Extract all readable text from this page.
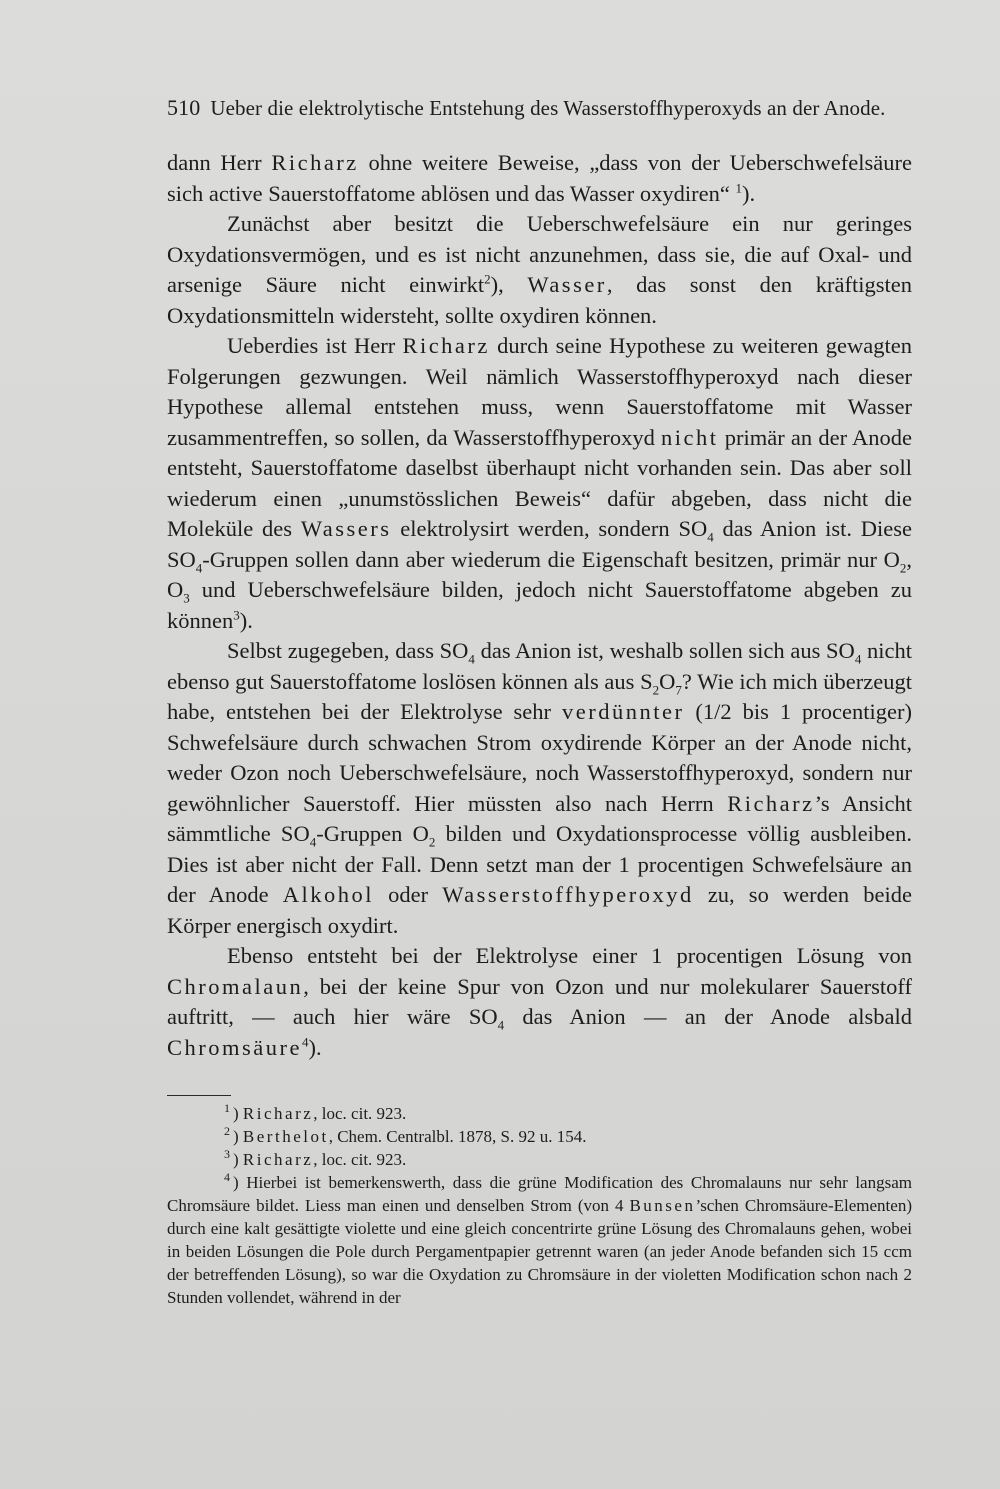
510 Ueber die elektrolytische Entstehung des Wasserstoffhyperoxyds an der Anode.

dann Herr Richarz ohne weitere Beweise, „dass von der Ueberschwefelsäure sich active Sauerstoffatome ablösen und das Wasser oxydiren“ $^1$).

Zunächst aber besitzt die Ueberschwefelsäure ein nur geringes Oxydationsvermögen, und es ist nicht anzunehmen, dass sie, die auf Oxal- und arsenige Säure nicht einwirkt$^2$), Wasser, das sonst den kräftigsten Oxydationsmitteln widersteht, sollte oxydiren können.

Ueberdies ist Herr Richarz durch seine Hypothese zu weiteren gewagten Folgerungen gezwungen. Weil nämlich Wasserstoffhyperoxyd nach dieser Hypothese allemal entstehen muss, wenn Sauerstoffatome mit Wasser zusammentreffen, so sollen, da Wasserstoffhyperoxyd nicht primär an der Anode entsteht, Sauerstoffatome daselbst überhaupt nicht vorhanden sein. Das aber soll wiederum einen „unumstösslichen Beweis“ dafür abgeben, dass nicht die Moleküle des Wassers elektrolysirt werden, sondern $SO_4$ das Anion ist. Diese $SO_4$-Gruppen sollen dann aber wiederum die Eigenschaft besitzen, primär nur $O_2$, $O_3$ und Ueberschwefelsäure bilden, jedoch nicht Sauerstoffatome abgeben zu können$^3$).

Selbst zugegeben, dass $SO_4$ das Anion ist, weshalb sollen sich aus $SO_4$ nicht ebenso gut Sauerstoffatome loslösen können als aus $S_2O_7$? Wie ich mich überzeugt habe, entstehen bei der Elektrolyse sehr verdünnter (1/2 bis 1 procentiger) Schwefelsäure durch schwachen Strom oxydirende Körper an der Anode nicht, weder Ozon noch Ueberschwefelsäure, noch Wasserstoffhyperoxyd, sondern nur gewöhnlicher Sauerstoff. Hier müssten also nach Herrn Richarz’s Ansicht sämmtliche $SO_4$-Gruppen $O_2$ bilden und Oxydationsprocesse völlig ausbleiben. Dies ist aber nicht der Fall. Denn setzt man der 1 procentigen Schwefelsäure an der Anode Alkohol oder Wasserstoffhyperoxyd zu, so werden beide Körper energisch oxydirt.

Ebenso entsteht bei der Elektrolyse einer 1 procentigen Lösung von Chromalaun, bei der keine Spur von Ozon und nur molekularer Sauerstoff auftritt, — auch hier wäre $SO_4$ das Anion — an der Anode alsbald Chromsäure$^4$).

$^1$ ) Richarz, loc. cit. 923.

$^2$ ) Berthelot, Chem. Centralbl. 1878, S. 92 u. 154.

$^3$ ) Richarz, loc. cit. 923.

$^4$ ) Hierbei ist bemerkenswerth, dass die grüne Modification des Chromalauns nur sehr langsam Chromsäure bildet. Liess man einen und denselben Strom (von 4 Bunsen’schen Chromsäure-Elementen) durch eine kalt gesättigte violette und eine gleich concentrirte grüne Lösung des Chromalauns gehen, wobei in beiden Lösungen die Pole durch Pergamentpapier getrennt waren (an jeder Anode befanden sich 15 ccm der betreffenden Lösung), so war die Oxydation zu Chromsäure in der violetten Modification schon nach 2 Stunden vollendet, während in der
